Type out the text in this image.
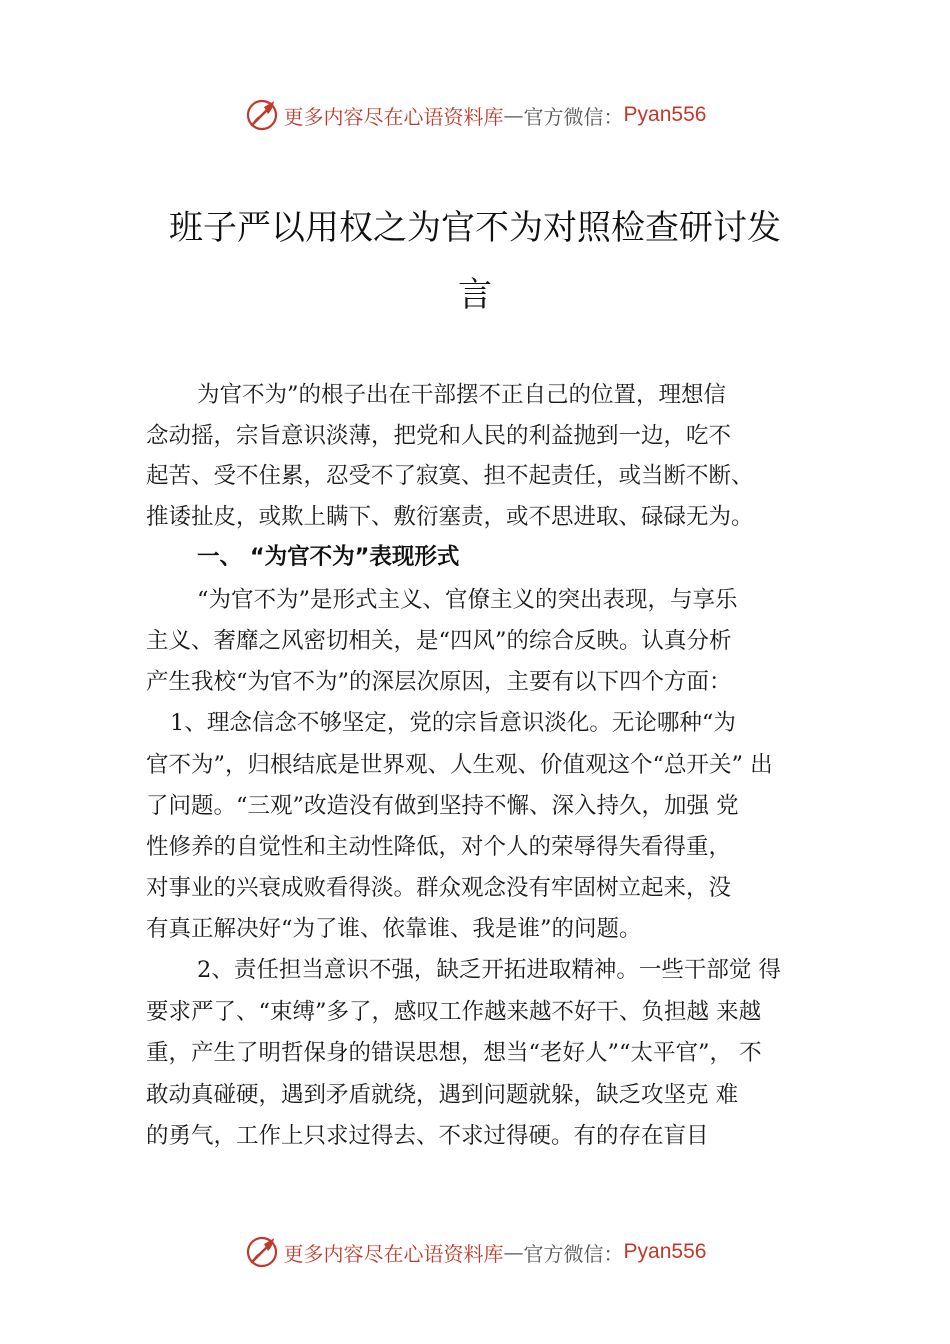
更多内容尽在心语资料库 — 官方微信： Pyan556
班子严以用权之为官不为对照检查研讨发
言
为官不为”的根子出在干部摆不正自己的位置，理想信
念动摇，宗旨意识淡薄，把党和人民的利益抛到一边，吃不
起苦、受不住累，忍受不了寂寞、担不起责任，或当断不断、
推诿扯皮，或欺上瞒下、敷衍塞责，或不思进取、碌碌无为。
一、 “为官不为”表现形式
“为官不为”是形式主义、官僚主义的突出表现，与享乐
主义、奢靡之风密切相关，是“四风”的综合反映。认真分析
产生我校“为官不为”的深层次原因，主要有以下四个方面：
1、理念信念不够坚定，党的宗旨意识淡化。无论哪种“为
官不为”，归根结底是世界观、人生观、价值观这个“总开关” 出
了问题。“三观”改造没有做到坚持不懈、深入持久，加强 党
性修养的自觉性和主动性降低，对个人的荣辱得失看得重，
对事业的兴衰成败看得淡。群众观念没有牢固树立起来，没
有真正解决好“为了谁、依靠谁、我是谁”的问题。
2、责任担当意识不强，缺乏开拓进取精神。一些干部觉 得
要求严了、“束缚”多了，感叹工作越来越不好干、负担越 来越
重，产生了明哲保身的错误思想，想当“老好人”“太平官”， 不
敢动真碰硬，遇到矛盾就绕，遇到问题就躲，缺乏攻坚克 难
的勇气，工作上只求过得去、不求过得硬。有的存在盲目
更多内容尽在心语资料库 — 官方微信： Pyan556
